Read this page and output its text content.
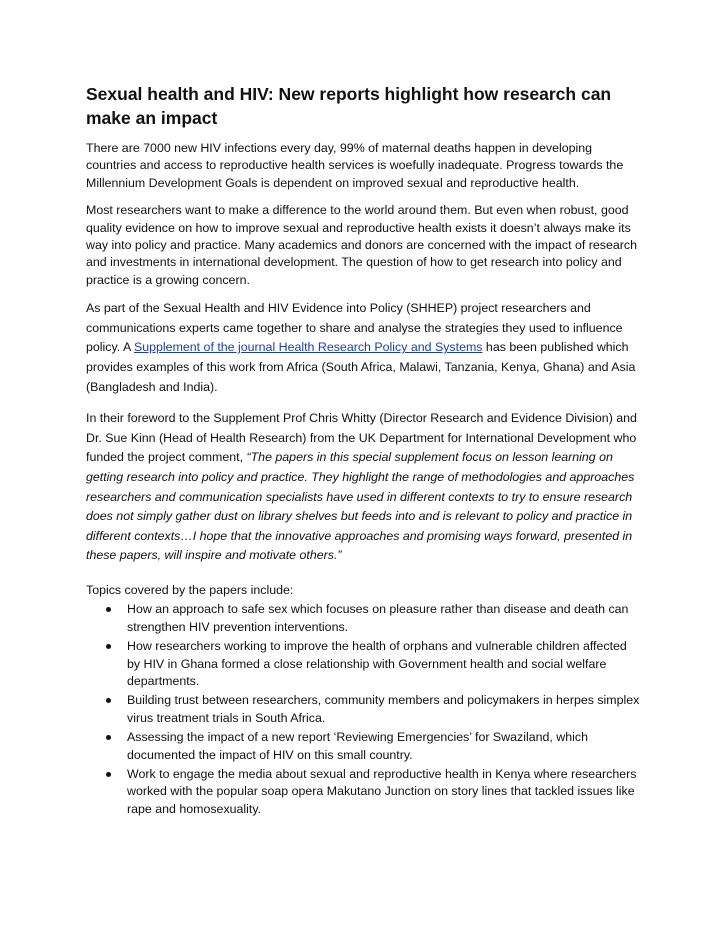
Sexual health and HIV: New reports highlight how research can make an impact

There are 7000 new HIV infections every day, 99% of maternal deaths happen in developing countries and access to reproductive health services is woefully inadequate. Progress towards the Millennium Development Goals is dependent on improved sexual and reproductive health.

Most researchers want to make a difference to the world around them. But even when robust, good quality evidence on how to improve sexual and reproductive health exists it doesn’t always make its way into policy and practice. Many academics and donors are concerned with the impact of research and investments in international development. The question of how to get research into policy and practice is a growing concern.

As part of the Sexual Health and HIV Evidence into Policy (SHHEP) project researchers and communications experts came together to share and analyse the strategies they used to influence policy. A Supplement of the journal Health Research Policy and Systems has been published which provides examples of this work from Africa (South Africa, Malawi, Tanzania, Kenya, Ghana) and Asia (Bangladesh and India).

In their foreword to the Supplement Prof Chris Whitty (Director Research and Evidence Division) and Dr. Sue Kinn (Head of Health Research) from the UK Department for International Development who funded the project comment, “The papers in this special supplement focus on lesson learning on getting research into policy and practice. They highlight the range of methodologies and approaches researchers and communication specialists have used in different contexts to try to ensure research does not simply gather dust on library shelves but feeds into and is relevant to policy and practice in different contexts…I hope that the innovative approaches and promising ways forward, presented in these papers, will inspire and motivate others.”

Topics covered by the papers include:

How an approach to safe sex which focuses on pleasure rather than disease and death can strengthen HIV prevention interventions.
How researchers working to improve the health of orphans and vulnerable children affected by HIV in Ghana formed a close relationship with Government health and social welfare departments.
Building trust between researchers, community members and policymakers in herpes simplex virus treatment trials in South Africa.
Assessing the impact of a new report ‘Reviewing Emergencies’ for Swaziland, which documented the impact of HIV on this small country.
Work to engage the media about sexual and reproductive health in Kenya where researchers worked with the popular soap opera Makutano Junction on story lines that tackled issues like rape and homosexuality.
